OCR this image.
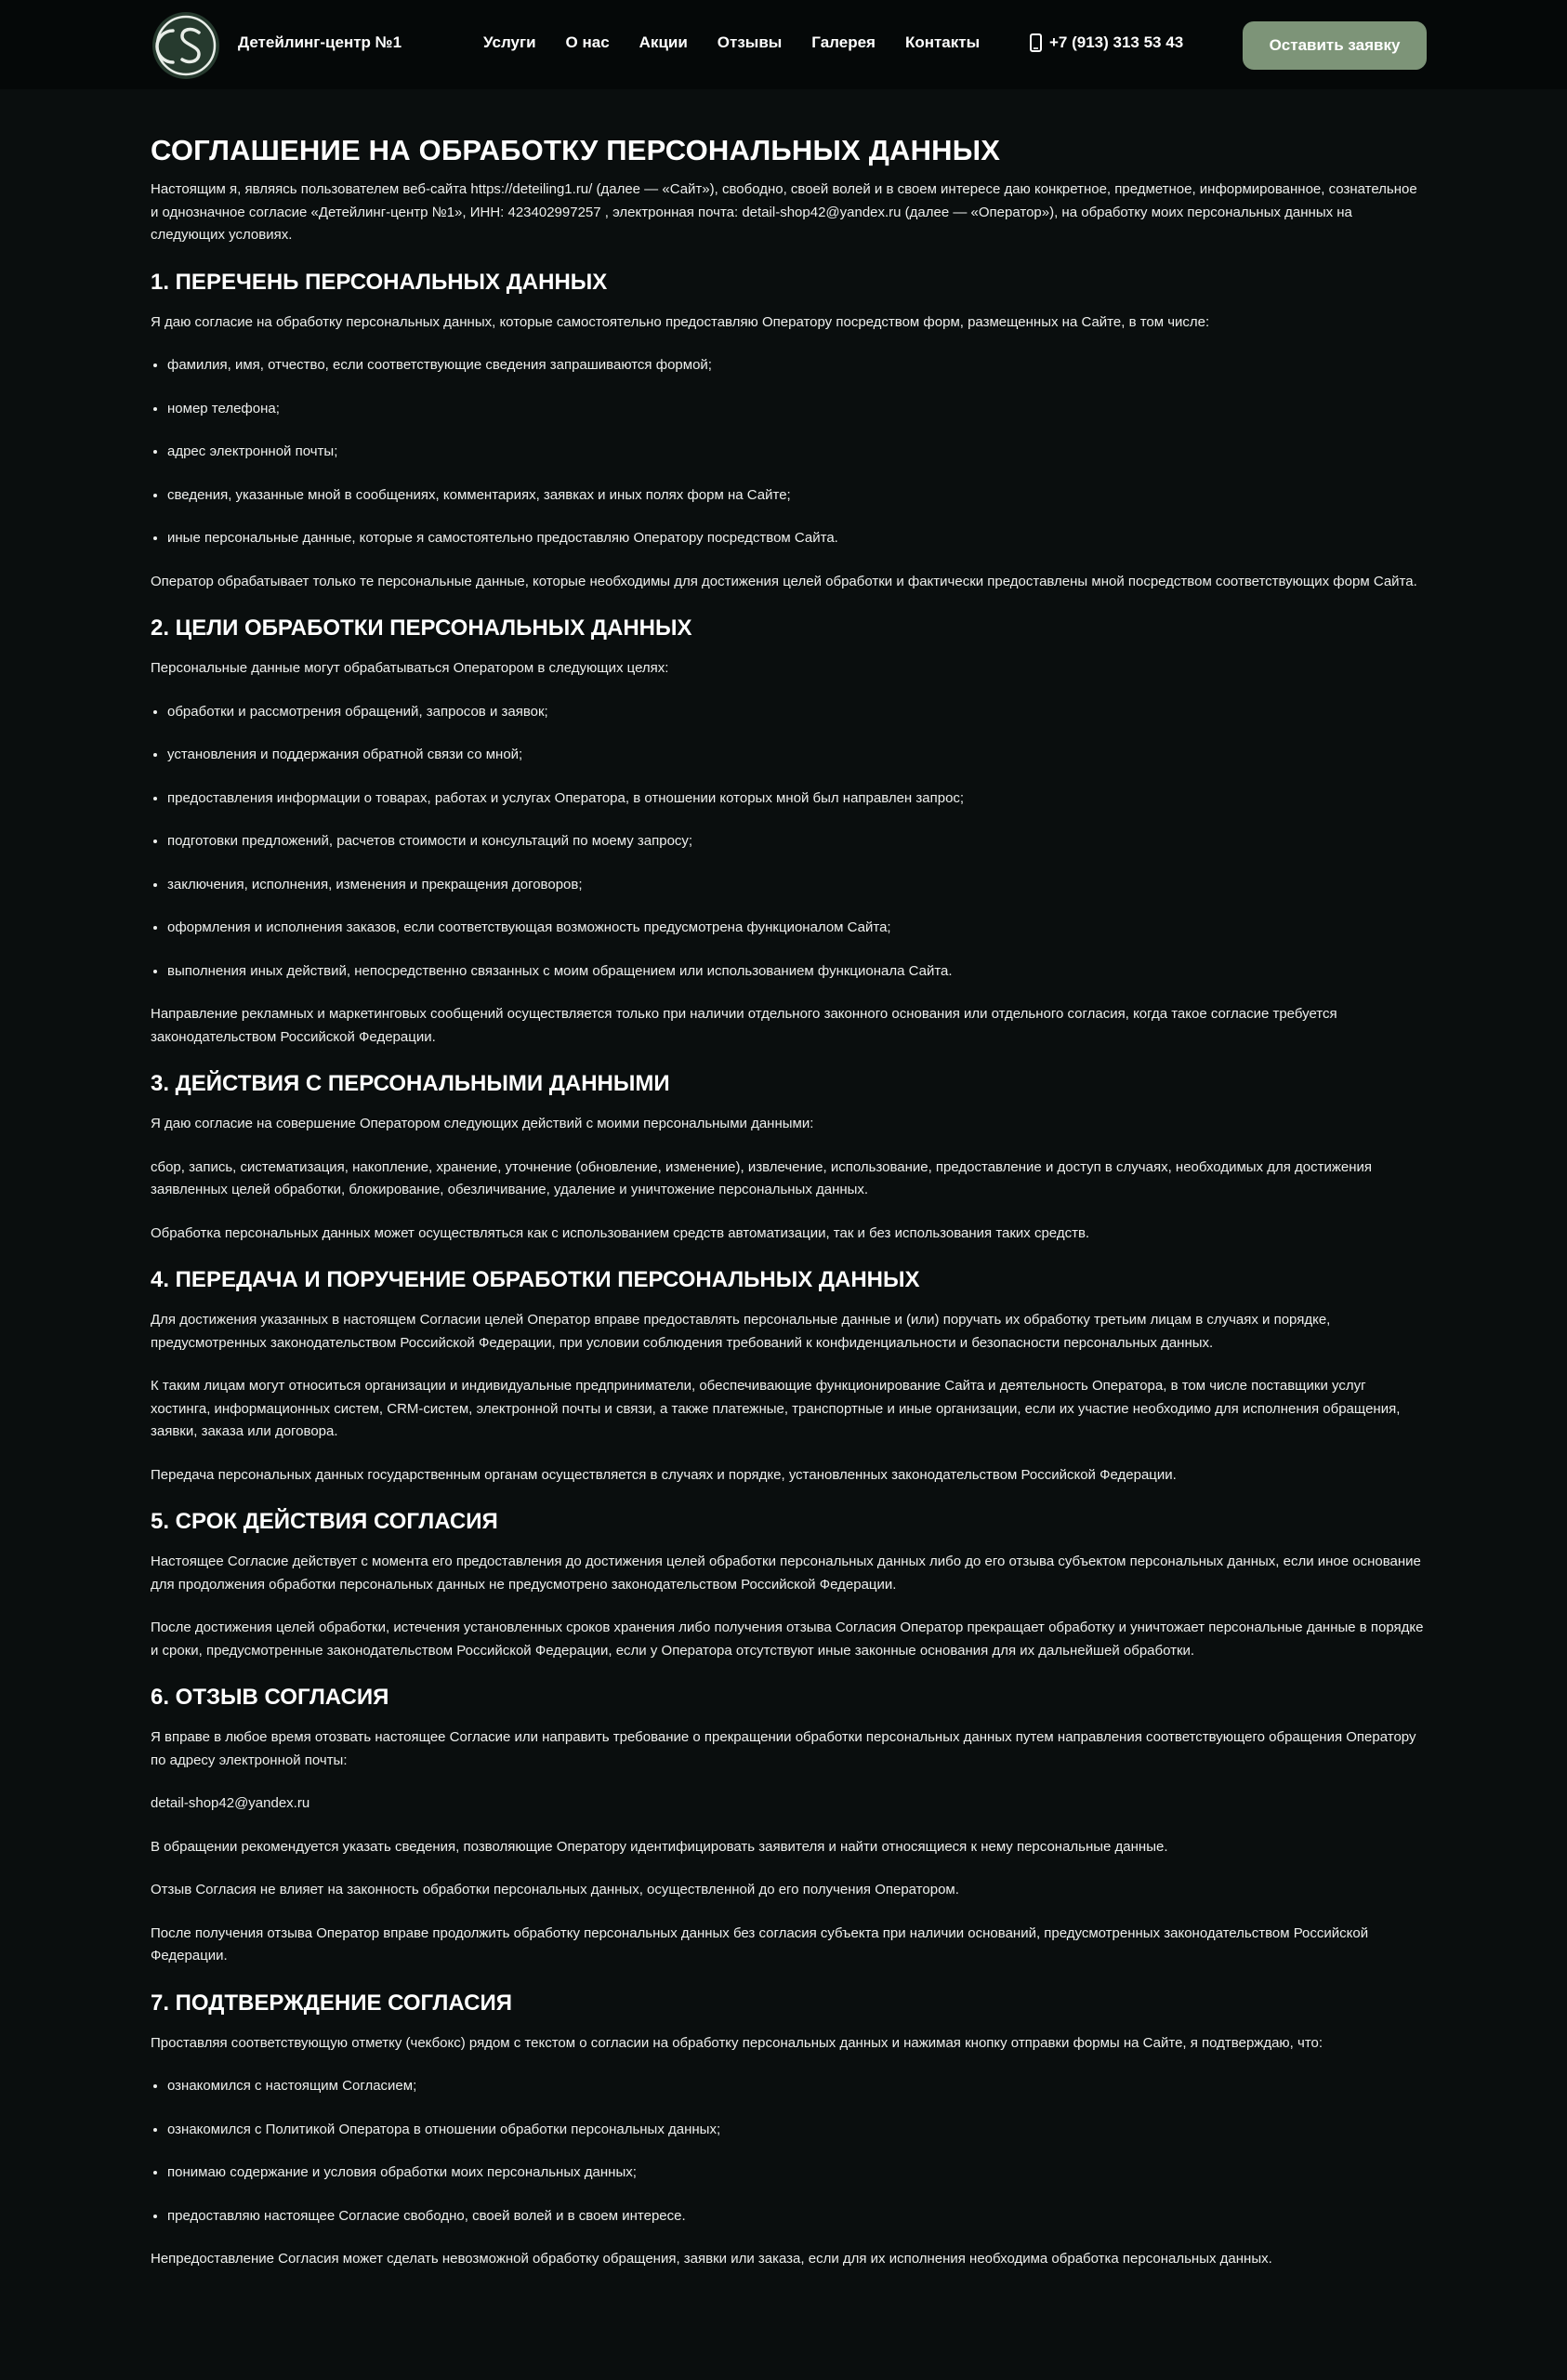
Детейлинг-центр №1	Услуги О нас Акции Отзывы Галерея Контакты	+7 (913) 313 53 43	Оставить заявку
СОГЛАШЕНИЕ НА ОБРАБОТКУ ПЕРСОНАЛЬНЫХ ДАННЫХ

Настоящим я, являясь пользователем веб-сайта https://deteiling1.ru/ (далее — «Сайт»), свободно, своей волей и в своем интересе даю конкретное, предметное, информированное, сознательное и однозначное согласие «Детейлинг-центр №1», ИНН: 423402997257 , электронная почта: detail-shop42@yandex.ru (далее — «Оператор»), на обработку моих персональных данных на следующих условиях.

1. ПЕРЕЧЕНЬ ПЕРСОНАЛЬНЫХ ДАННЫХ

Я даю согласие на обработку персональных данных, которые самостоятельно предоставляю Оператору посредством форм, размещенных на Сайте, в том числе:

• фамилия, имя, отчество, если соответствующие сведения запрашиваются формой;
• номер телефона;
• адрес электронной почты;
• сведения, указанные мной в сообщениях, комментариях, заявках и иных полях форм на Сайте;
• иные персональные данные, которые я самостоятельно предоставляю Оператору посредством Сайта.

Оператор обрабатывает только те персональные данные, которые необходимы для достижения целей обработки и фактически предоставлены мной посредством соответствующих форм Сайта.

2. ЦЕЛИ ОБРАБОТКИ ПЕРСОНАЛЬНЫХ ДАННЫХ

Персональные данные могут обрабатываться Оператором в следующих целях:

• обработки и рассмотрения обращений, запросов и заявок;
• установления и поддержания обратной связи со мной;
• предоставления информации о товарах, работах и услугах Оператора, в отношении которых мной был направлен запрос;
• подготовки предложений, расчетов стоимости и консультаций по моему запросу;
• заключения, исполнения, изменения и прекращения договоров;
• оформления и исполнения заказов, если соответствующая возможность предусмотрена функционалом Сайта;
• выполнения иных действий, непосредственно связанных с моим обращением или использованием функционала Сайта.

Направление рекламных и маркетинговых сообщений осуществляется только при наличии отдельного законного основания или отдельного согласия, когда такое согласие требуется законодательством Российской Федерации.

3. ДЕЙСТВИЯ С ПЕРСОНАЛЬНЫМИ ДАННЫМИ

Я даю согласие на совершение Оператором следующих действий с моими персональными данными:

сбор, запись, систематизация, накопление, хранение, уточнение (обновление, изменение), извлечение, использование, предоставление и доступ в случаях, необходимых для достижения заявленных целей обработки, блокирование, обезличивание, удаление и уничтожение персональных данных.

Обработка персональных данных может осуществляться как с использованием средств автоматизации, так и без использования таких средств.

4. ПЕРЕДАЧА И ПОРУЧЕНИЕ ОБРАБОТКИ ПЕРСОНАЛЬНЫХ ДАННЫХ

Для достижения указанных в настоящем Согласии целей Оператор вправе предоставлять персональные данные и (или) поручать их обработку третьим лицам в случаях и порядке, предусмотренных законодательством Российской Федерации, при условии соблюдения требований к конфиденциальности и безопасности персональных данных.

К таким лицам могут относиться организации и индивидуальные предприниматели, обеспечивающие функционирование Сайта и деятельность Оператора, в том числе поставщики услуг хостинга, информационных систем, CRM-систем, электронной почты и связи, а также платежные, транспортные и иные организации, если их участие необходимо для исполнения обращения, заявки, заказа или договора.

Передача персональных данных государственным органам осуществляется в случаях и порядке, установленных законодательством Российской Федерации.

5. СРОК ДЕЙСТВИЯ СОГЛАСИЯ

Настоящее Согласие действует с момента его предоставления до достижения целей обработки персональных данных либо до его отзыва субъектом персональных данных, если иное основание для продолжения обработки персональных данных не предусмотрено законодательством Российской Федерации.

После достижения целей обработки, истечения установленных сроков хранения либо получения отзыва Согласия Оператор прекращает обработку и уничтожает персональные данные в порядке и сроки, предусмотренные законодательством Российской Федерации, если у Оператора отсутствуют иные законные основания для их дальнейшей обработки.

6. ОТЗЫВ СОГЛАСИЯ

Я вправе в любое время отозвать настоящее Согласие или направить требование о прекращении обработки персональных данных путем направления соответствующего обращения Оператору по адресу электронной почты:

detail-shop42@yandex.ru

В обращении рекомендуется указать сведения, позволяющие Оператору идентифицировать заявителя и найти относящиеся к нему персональные данные.

Отзыв Согласия не влияет на законность обработки персональных данных, осуществленной до его получения Оператором.

После получения отзыва Оператор вправе продолжить обработку персональных данных без согласия субъекта при наличии оснований, предусмотренных законодательством Российской Федерации.

7. ПОДТВЕРЖДЕНИЕ СОГЛАСИЯ

Проставляя соответствующую отметку (чекбокс) рядом с текстом о согласии на обработку персональных данных и нажимая кнопку отправки формы на Сайте, я подтверждаю, что:

• ознакомился с настоящим Согласием;
• ознакомился с Политикой Оператора в отношении обработки персональных данных;
• понимаю содержание и условия обработки моих персональных данных;
• предоставляю настоящее Согласие свободно, своей волей и в своем интересе.

Непредоставление Согласия может сделать невозможной обработку обращения, заявки или заказа, если для их исполнения необходима обработка персональных данных.
